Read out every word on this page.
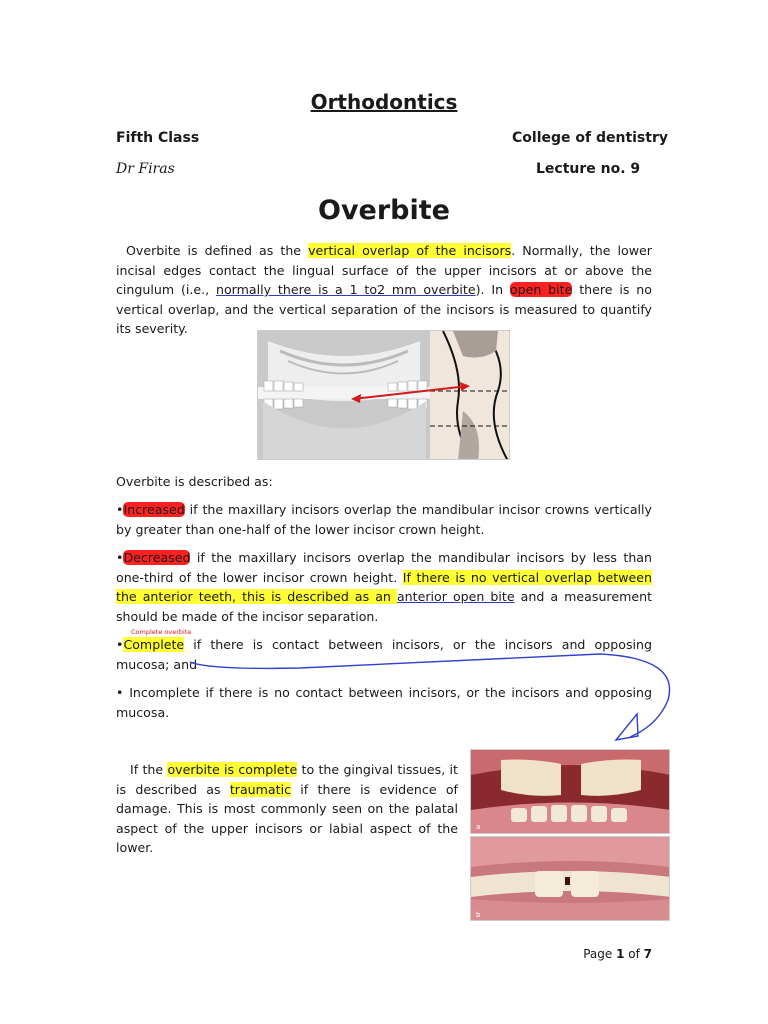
Orthodontics
Fifth Class	College of dentistry
Dr Firas	Lecture no. 9
Overbite
Overbite is defined as the vertical overlap of the incisors. Normally, the lower incisal edges contact the lingual surface of the upper incisors at or above the cingulum (i.e., normally there is a 1 to2 mm overbite). In open bite there is no vertical overlap, and the vertical separation of the incisors is measured to quantify its severity.
Overbite is described as:
•Increased if the maxillary incisors overlap the mandibular incisor crowns vertically by greater than one-half of the lower incisor crown height.
•Decreased if the maxillary incisors overlap the mandibular incisors by less than one-third of the lower incisor crown height. If there is no vertical overlap between the anterior teeth, this is described as an anterior open bite and a measurement should be made of the incisor separation.
Complete overbite
•Complete if there is contact between incisors, or the incisors and opposing mucosa; and
• Incomplete if there is no contact between incisors, or the incisors and opposing mucosa.
If the overbite is complete to the gingival tissues, it is described as traumatic if there is evidence of damage. This is most commonly seen on the palatal aspect of the upper incisors or labial aspect of the lower.
a
b
Page 1 of 7
